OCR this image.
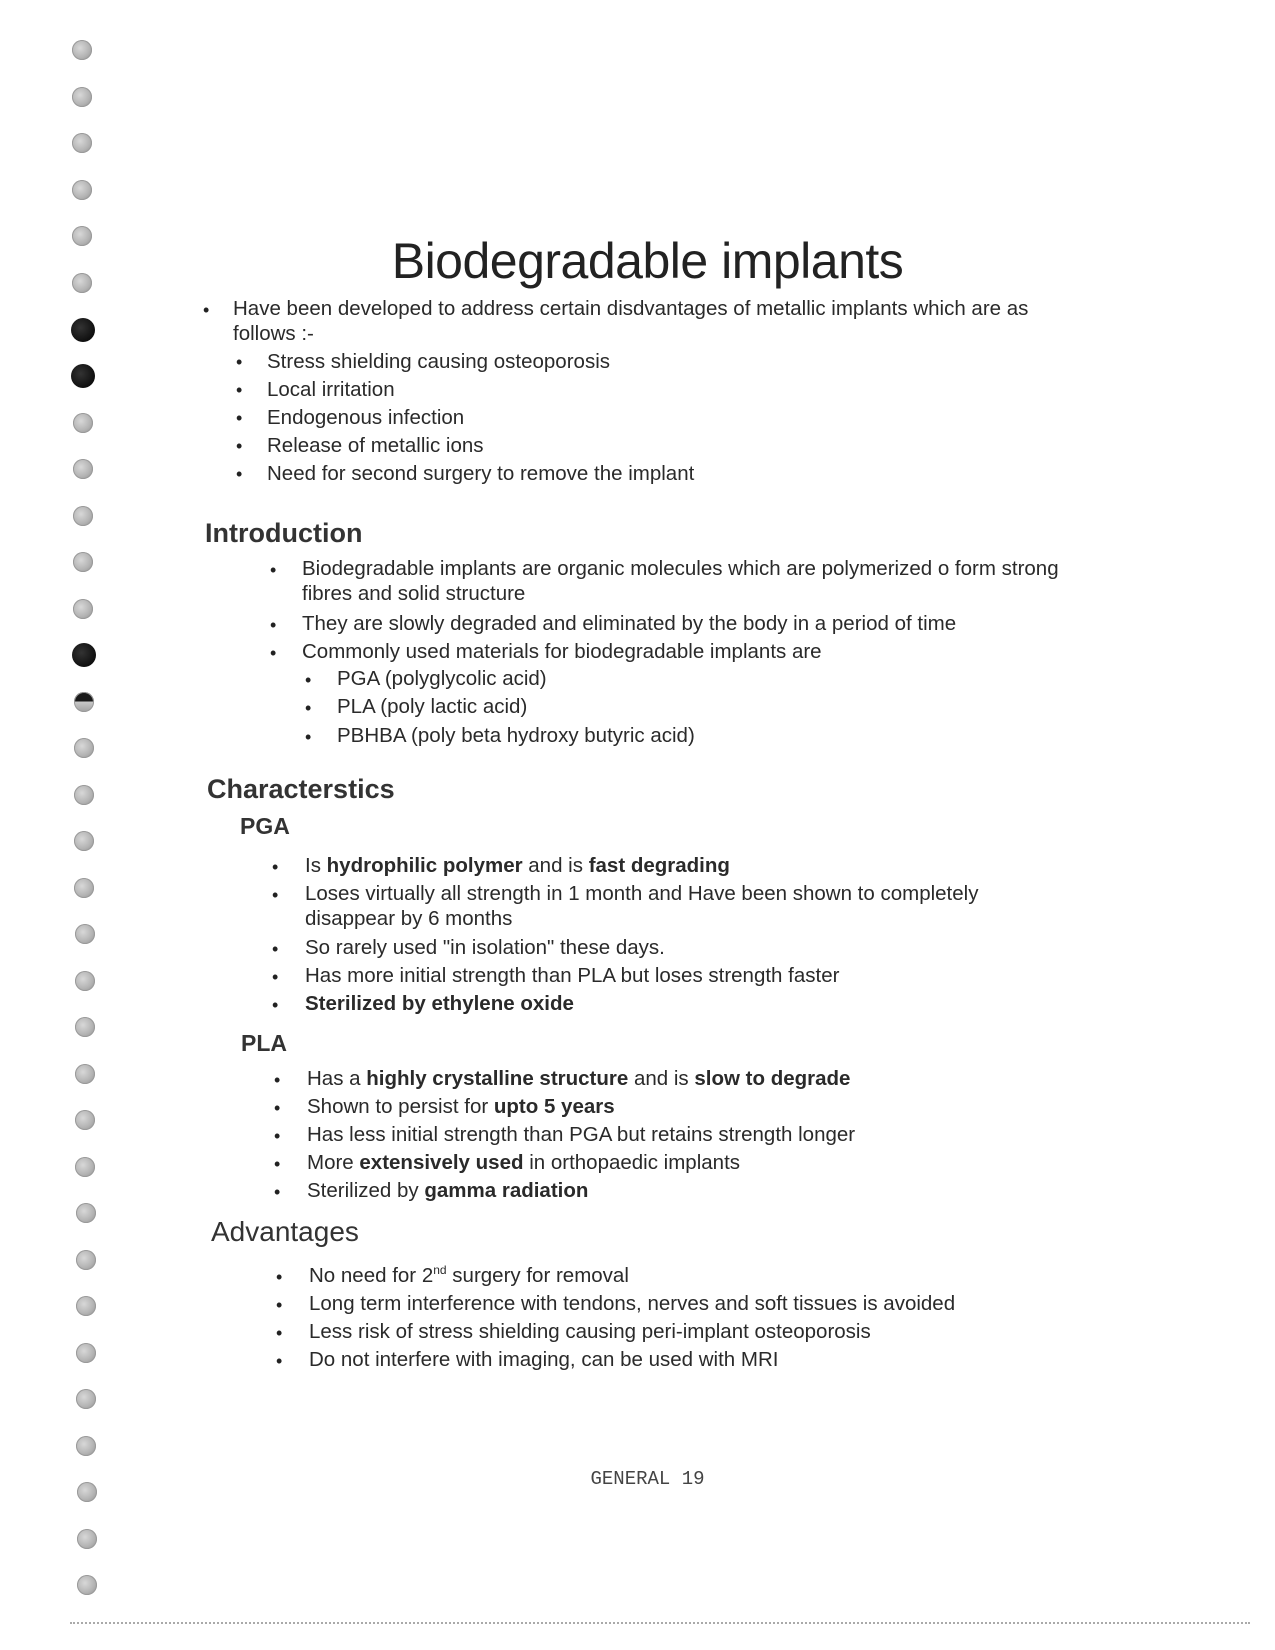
Biodegradable implants
• Have been developed to address certain disdvantages of metallic implants which are as follows :-
• Stress shielding causing osteoporosis
• Local irritation
• Endogenous infection
• Release of metallic ions
• Need for second surgery to remove the implant
Introduction
• Biodegradable implants are organic molecules which are polymerized o form strong fibres and solid structure
• They are slowly degraded and eliminated by the body in a period of time
• Commonly used materials for biodegradable implants are
• PGA (polyglycolic acid)
• PLA (poly lactic acid)
• PBHBA (poly beta hydroxy butyric acid)
Characterstics
PGA
• Is hydrophilic polymer and is fast degrading
• Loses virtually all strength in 1 month and Have been shown to completely disappear by 6 months
• So rarely used "in isolation" these days.
• Has more initial strength than PLA but loses strength faster
• Sterilized by ethylene oxide
PLA
• Has a highly crystalline structure and is slow to degrade
• Shown to persist for upto 5 years
• Has less initial strength than PGA but retains strength longer
• More extensively used in orthopaedic implants
• Sterilized by gamma radiation
Advantages
• No need for 2nd surgery for removal
• Long term interference with tendons, nerves and soft tissues is avoided
• Less risk of stress shielding causing peri-implant osteoporosis
• Do not interfere with imaging, can be used with MRI
GENERAL 19
